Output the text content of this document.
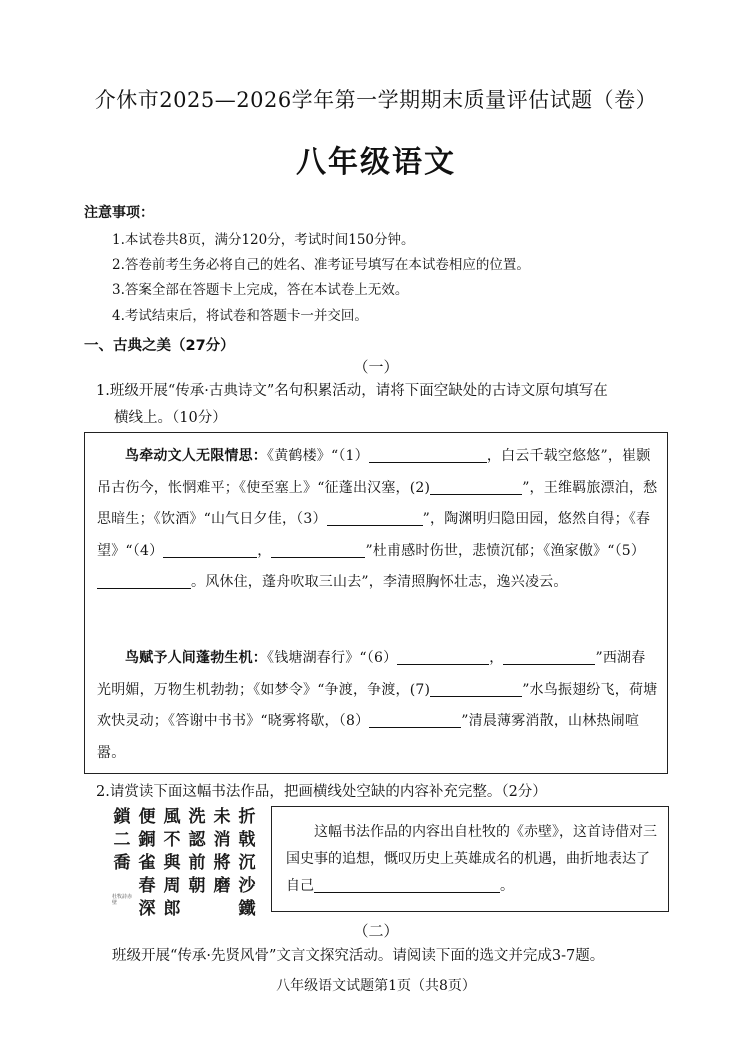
介休市2025—2026学年第一学期期末质量评估试题（卷）
八年级语文
注意事项：
1.本试卷共8页，满分120分，考试时间150分钟。
2.答卷前考生务必将自己的姓名、准考证号填写在本试卷相应的位置。
3.答案全部在答题卡上完成，答在本试卷上无效。
4.考试结束后，将试卷和答题卡一并交回。
一、古典之美（27分）
（一）
1.班级开展“传承·古典诗文”名句积累活动，请将下面空缺处的古诗文原句填写在
横线上。（10分）
鸟牵动文人无限情思：《黄鹤楼》“（1）	，白云千载空悠悠”，崔颢吊古伤今，怅惘难平；《使至塞上》“征蓬出汉塞，(2)	”，王维羁旅漂泊，愁思暗生；《饮酒》“山气日夕佳，（3）	”，陶渊明归隐田园，悠然自得；《春望》“（4）	，	”杜甫感时伤世，悲愤沉郁；《渔家傲》“（5）。风休住，蓬舟吹取三山去”，李清照胸怀壮志，逸兴凌云。
鸟赋予人间蓬勃生机：《钱塘湖春行》“（6）	，	”西湖春光明媚，万物生机勃勃；《如梦令》“争渡，争渡，(7)	”水鸟振翅纷飞，荷塘欢快灵动；《答谢中书书》“晓雾将歇，（8）	”清晨薄雾消散，山林热闹喧嚣。
2.请赏读下面这幅书法作品，把画横线处空缺的内容补充完整。（2分）
折戟沉沙鐵
未消將磨
洗認前朝
風不與周郎
便銅雀春深
鎖二喬
杜牧詩赤壁
这幅书法作品的内容出自杜牧的《赤壁》，这首诗借对三国史事的追想，慨叹历史上英雄成名的机遇，曲折地表达了自己	。
（二）
班级开展“传承·先贤风骨”文言文探究活动。请阅读下面的选文并完成3-7题。
八年级语文试题第1页（共8页）
